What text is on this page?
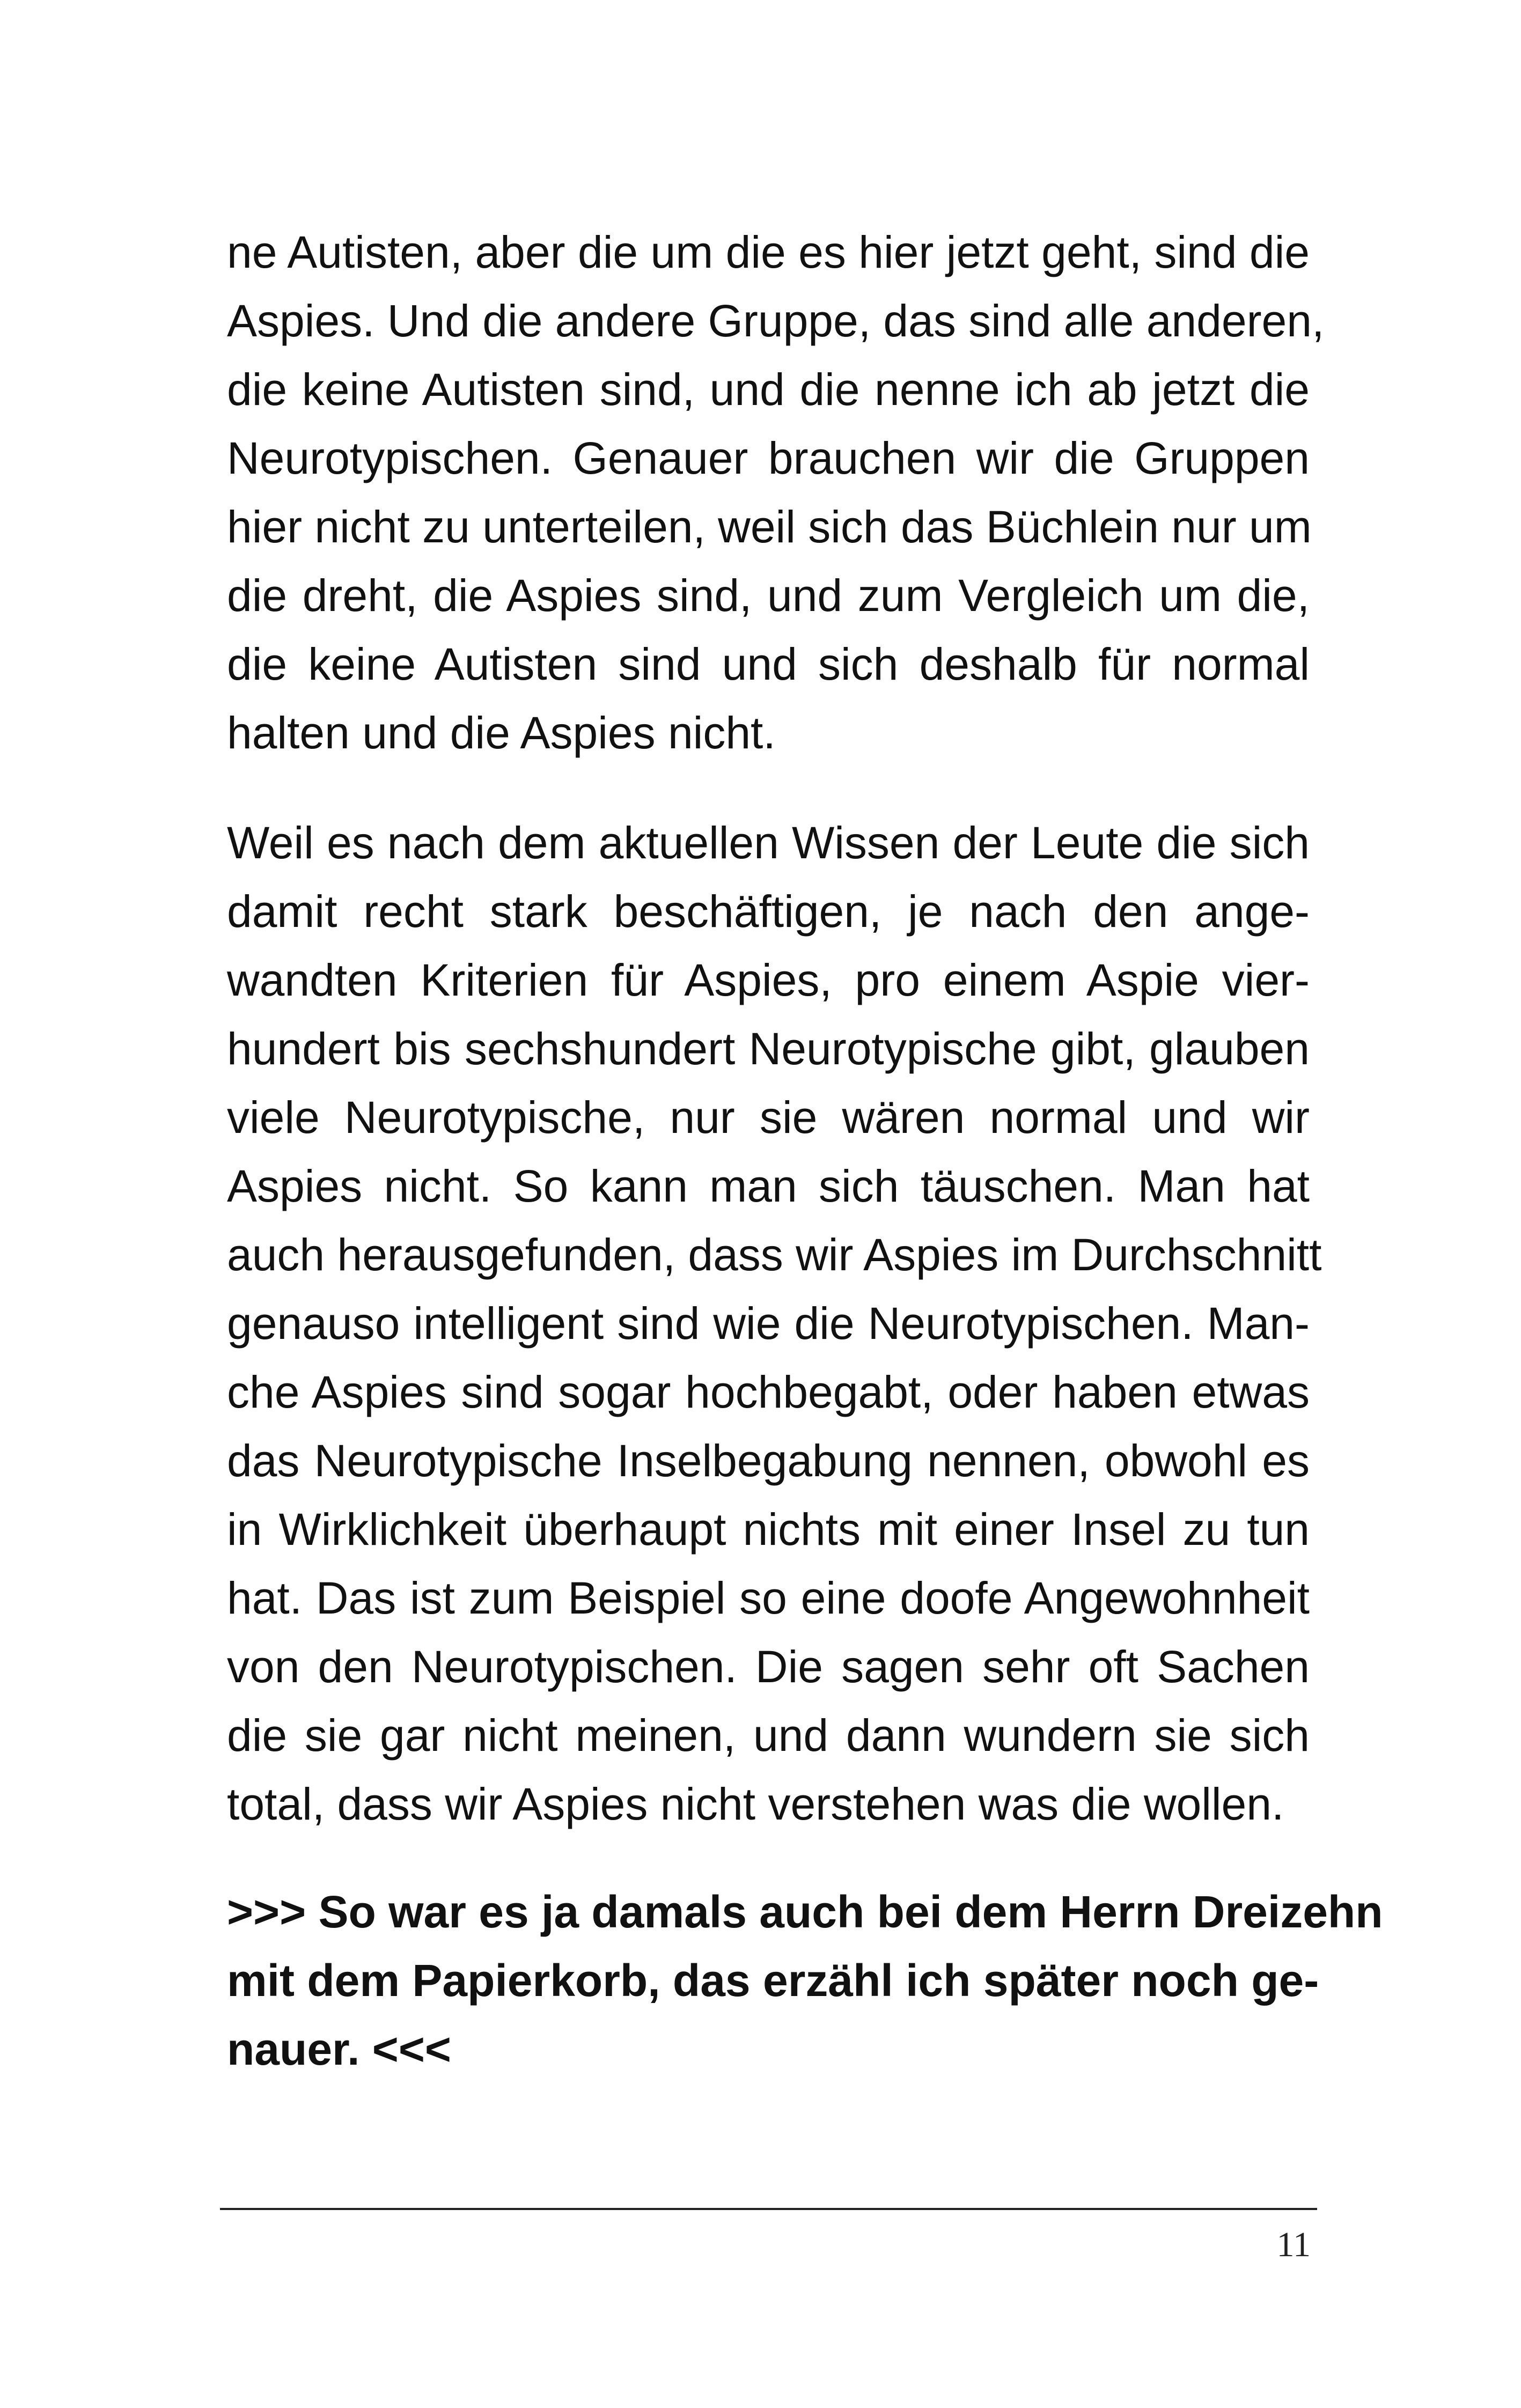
ne Autisten, aber die um die es hier jetzt geht, sind die
Aspies. Und die andere Gruppe, das sind alle anderen,
die keine Autisten sind, und die nenne ich ab jetzt die
Neurotypischen. Genauer brauchen wir die Gruppen
hier nicht zu unterteilen, weil sich das Büchlein nur um
die dreht, die Aspies sind, und zum Vergleich um die,
die keine Autisten sind und sich deshalb für normal
halten und die Aspies nicht.
Weil es nach dem aktuellen Wissen der Leute die sich
damit recht stark beschäftigen, je nach den ange-
wandten Kriterien für Aspies, pro einem Aspie vier-
hundert bis sechshundert Neurotypische gibt, glauben
viele Neurotypische, nur sie wären normal und wir
Aspies nicht. So kann man sich täuschen. Man hat
auch herausgefunden, dass wir Aspies im Durchschnitt
genauso intelligent sind wie die Neurotypischen. Man-
che Aspies sind sogar hochbegabt, oder haben etwas
das Neurotypische Inselbegabung nennen, obwohl es
in Wirklichkeit überhaupt nichts mit einer Insel zu tun
hat. Das ist zum Beispiel so eine doofe Angewohnheit
von den Neurotypischen. Die sagen sehr oft Sachen
die sie gar nicht meinen, und dann wundern sie sich
total, dass wir Aspies nicht verstehen was die wollen.
>>> So war es ja damals auch bei dem Herrn Dreizehn
mit dem Papierkorb, das erzähl ich später noch ge-
nauer. <<<
11
